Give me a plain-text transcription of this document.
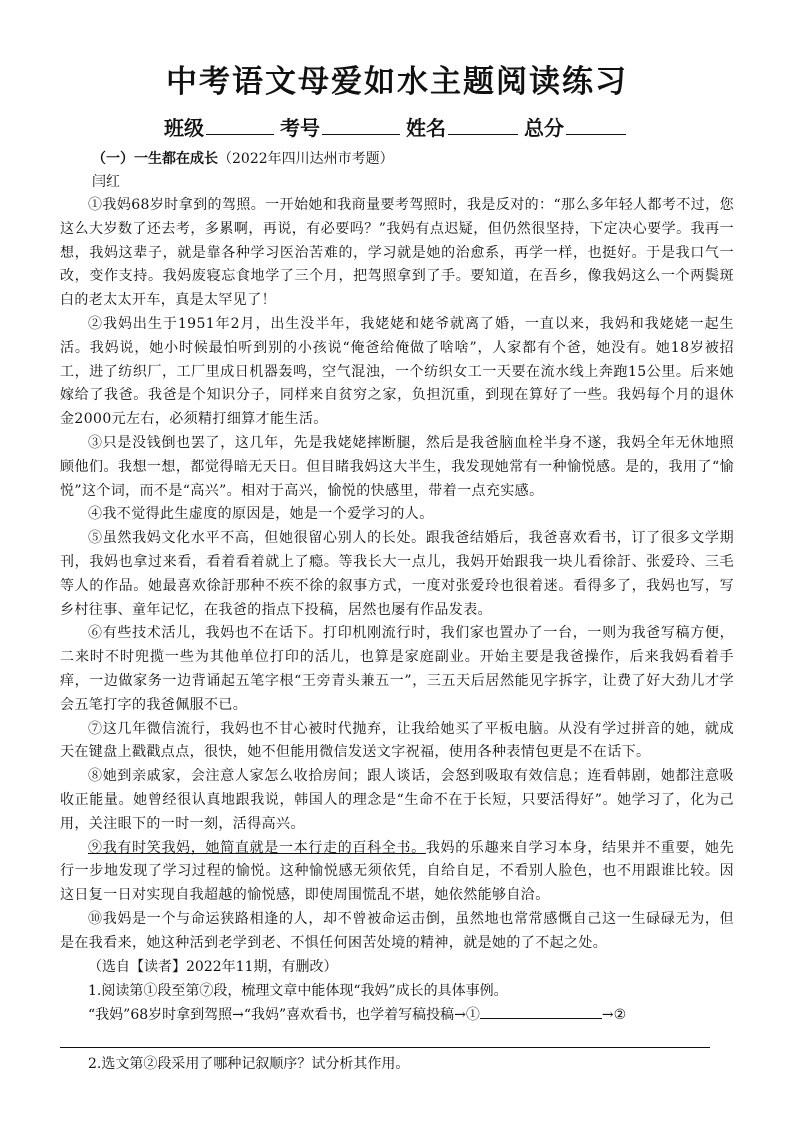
中考语文母爱如水主题阅读练习
班级	考号	姓名	总分
（一）一生都在成长（2022年四川达州市考题）
闫红

①我妈68岁时拿到的驾照。一开始她和我商量要考驾照时，我是反对的：“那么多年轻人都考不过，您这么大岁数了还去考，多累啊，再说，有必要吗？”我妈有点迟疑，但仍然很坚持，下定决心要学。我再一想，我妈这辈子，就是靠各种学习医治苦难的，学习就是她的治愈系，再学一样，也挺好。于是我口气一改，变作支持。我妈废寝忘食地学了三个月，把驾照拿到了手。要知道，在吾乡，像我妈这么一个两鬓斑白的老太太开车，真是太罕见了！

②我妈出生于1951年2月，出生没半年，我姥姥和姥爷就离了婚，一直以来，我妈和我姥姥一起生活。我妈说，她小时候最怕听到别的小孩说“俺爸给俺做了啥啥”，人家都有个爸，她没有。她18岁被招工，进了纺织厂，工厂里成日机器轰鸣，空气混浊，一个纺织女工一天要在流水线上奔跑15公里。后来她嫁给了我爸。我爸是个知识分子，同样来自贫穷之家，负担沉重，到现在算好了一些。我妈每个月的退休金2000元左右，必须精打细算才能生活。

③只是没钱倒也罢了，这几年，先是我姥姥摔断腿，然后是我爸脑血栓半身不遂，我妈全年无休地照顾他们。我想一想，都觉得暗无天日。但目睹我妈这大半生，我发现她常有一种愉悦感。是的，我用了“愉悦”这个词，而不是“高兴”。相对于高兴，愉悦的快感里，带着一点充实感。

④我不觉得此生虚度的原因是，她是一个爱学习的人。

⑤虽然我妈文化水平不高，但她很留心别人的长处。跟我爸结婚后，我爸喜欢看书，订了很多文学期刊，我妈也拿过来看，看着看着就上了瘾。等我长大一点儿，我妈开始跟我一块儿看徐訏、张爱玲、三毛等人的作品。她最喜欢徐訏那种不疾不徐的叙事方式，一度对张爱玲也很着迷。看得多了，我妈也写，写乡村往事、童年记忆，在我爸的指点下投稿，居然也屡有作品发表。

⑥有些技术活儿，我妈也不在话下。打印机刚流行时，我们家也置办了一台，一则为我爸写稿方便，二来时不时兜揽一些为其他单位打印的活儿，也算是家庭副业。开始主要是我爸操作，后来我妈看着手痒，一边做家务一边背诵起五笔字根“王旁青头兼五一”，三五天后居然能见字拆字，让费了好大劲儿才学会五笔打字的我爸佩服不已。

⑦这几年微信流行，我妈也不甘心被时代抛弃，让我给她买了平板电脑。从没有学过拼音的她，就成天在键盘上戳戳点点，很快，她不但能用微信发送文字祝福，使用各种表情包更是不在话下。

⑧她到亲戚家，会注意人家怎么收拾房间；跟人谈话，会怒到吸取有效信息；连看韩剧，她都注意吸收正能量。她曾经很认真地跟我说，韩国人的理念是“生命不在于长短，只要活得好”。她学习了，化为己用，关注眼下的一时一刻，活得高兴。

⑨我有时笑我妈，她简直就是一本行走的百科全书。我妈的乐趣来自学习本身，结果并不重要，她先行一步地发现了学习过程的愉悦。这种愉悦感无须依凭，自给自足，不看别人脸色，也不用跟谁比较。因这日复一日对实现自我超越的愉悦感，即使周围慌乱不堪，她依然能够自洽。

⑩我妈是一个与命运狭路相逢的人，却不曾被命运击倒，虽然地也常常感慨自己这一生碌碌无为，但是在我看来，她这种活到老学到老、不惧任何困苦处境的精神，就是她的了不起之处。

（选自【读者】2022年11期，有删改）
1.阅读第①段至第⑦段，梳理文章中能体现“我妈”成长的具体事例。
“我妈”68岁时拿到驾照→“我妈”喜欢看书，也学着写稿投稿→①	→②
2.选文第②段采用了哪种记叙顺序？试分析其作用。
